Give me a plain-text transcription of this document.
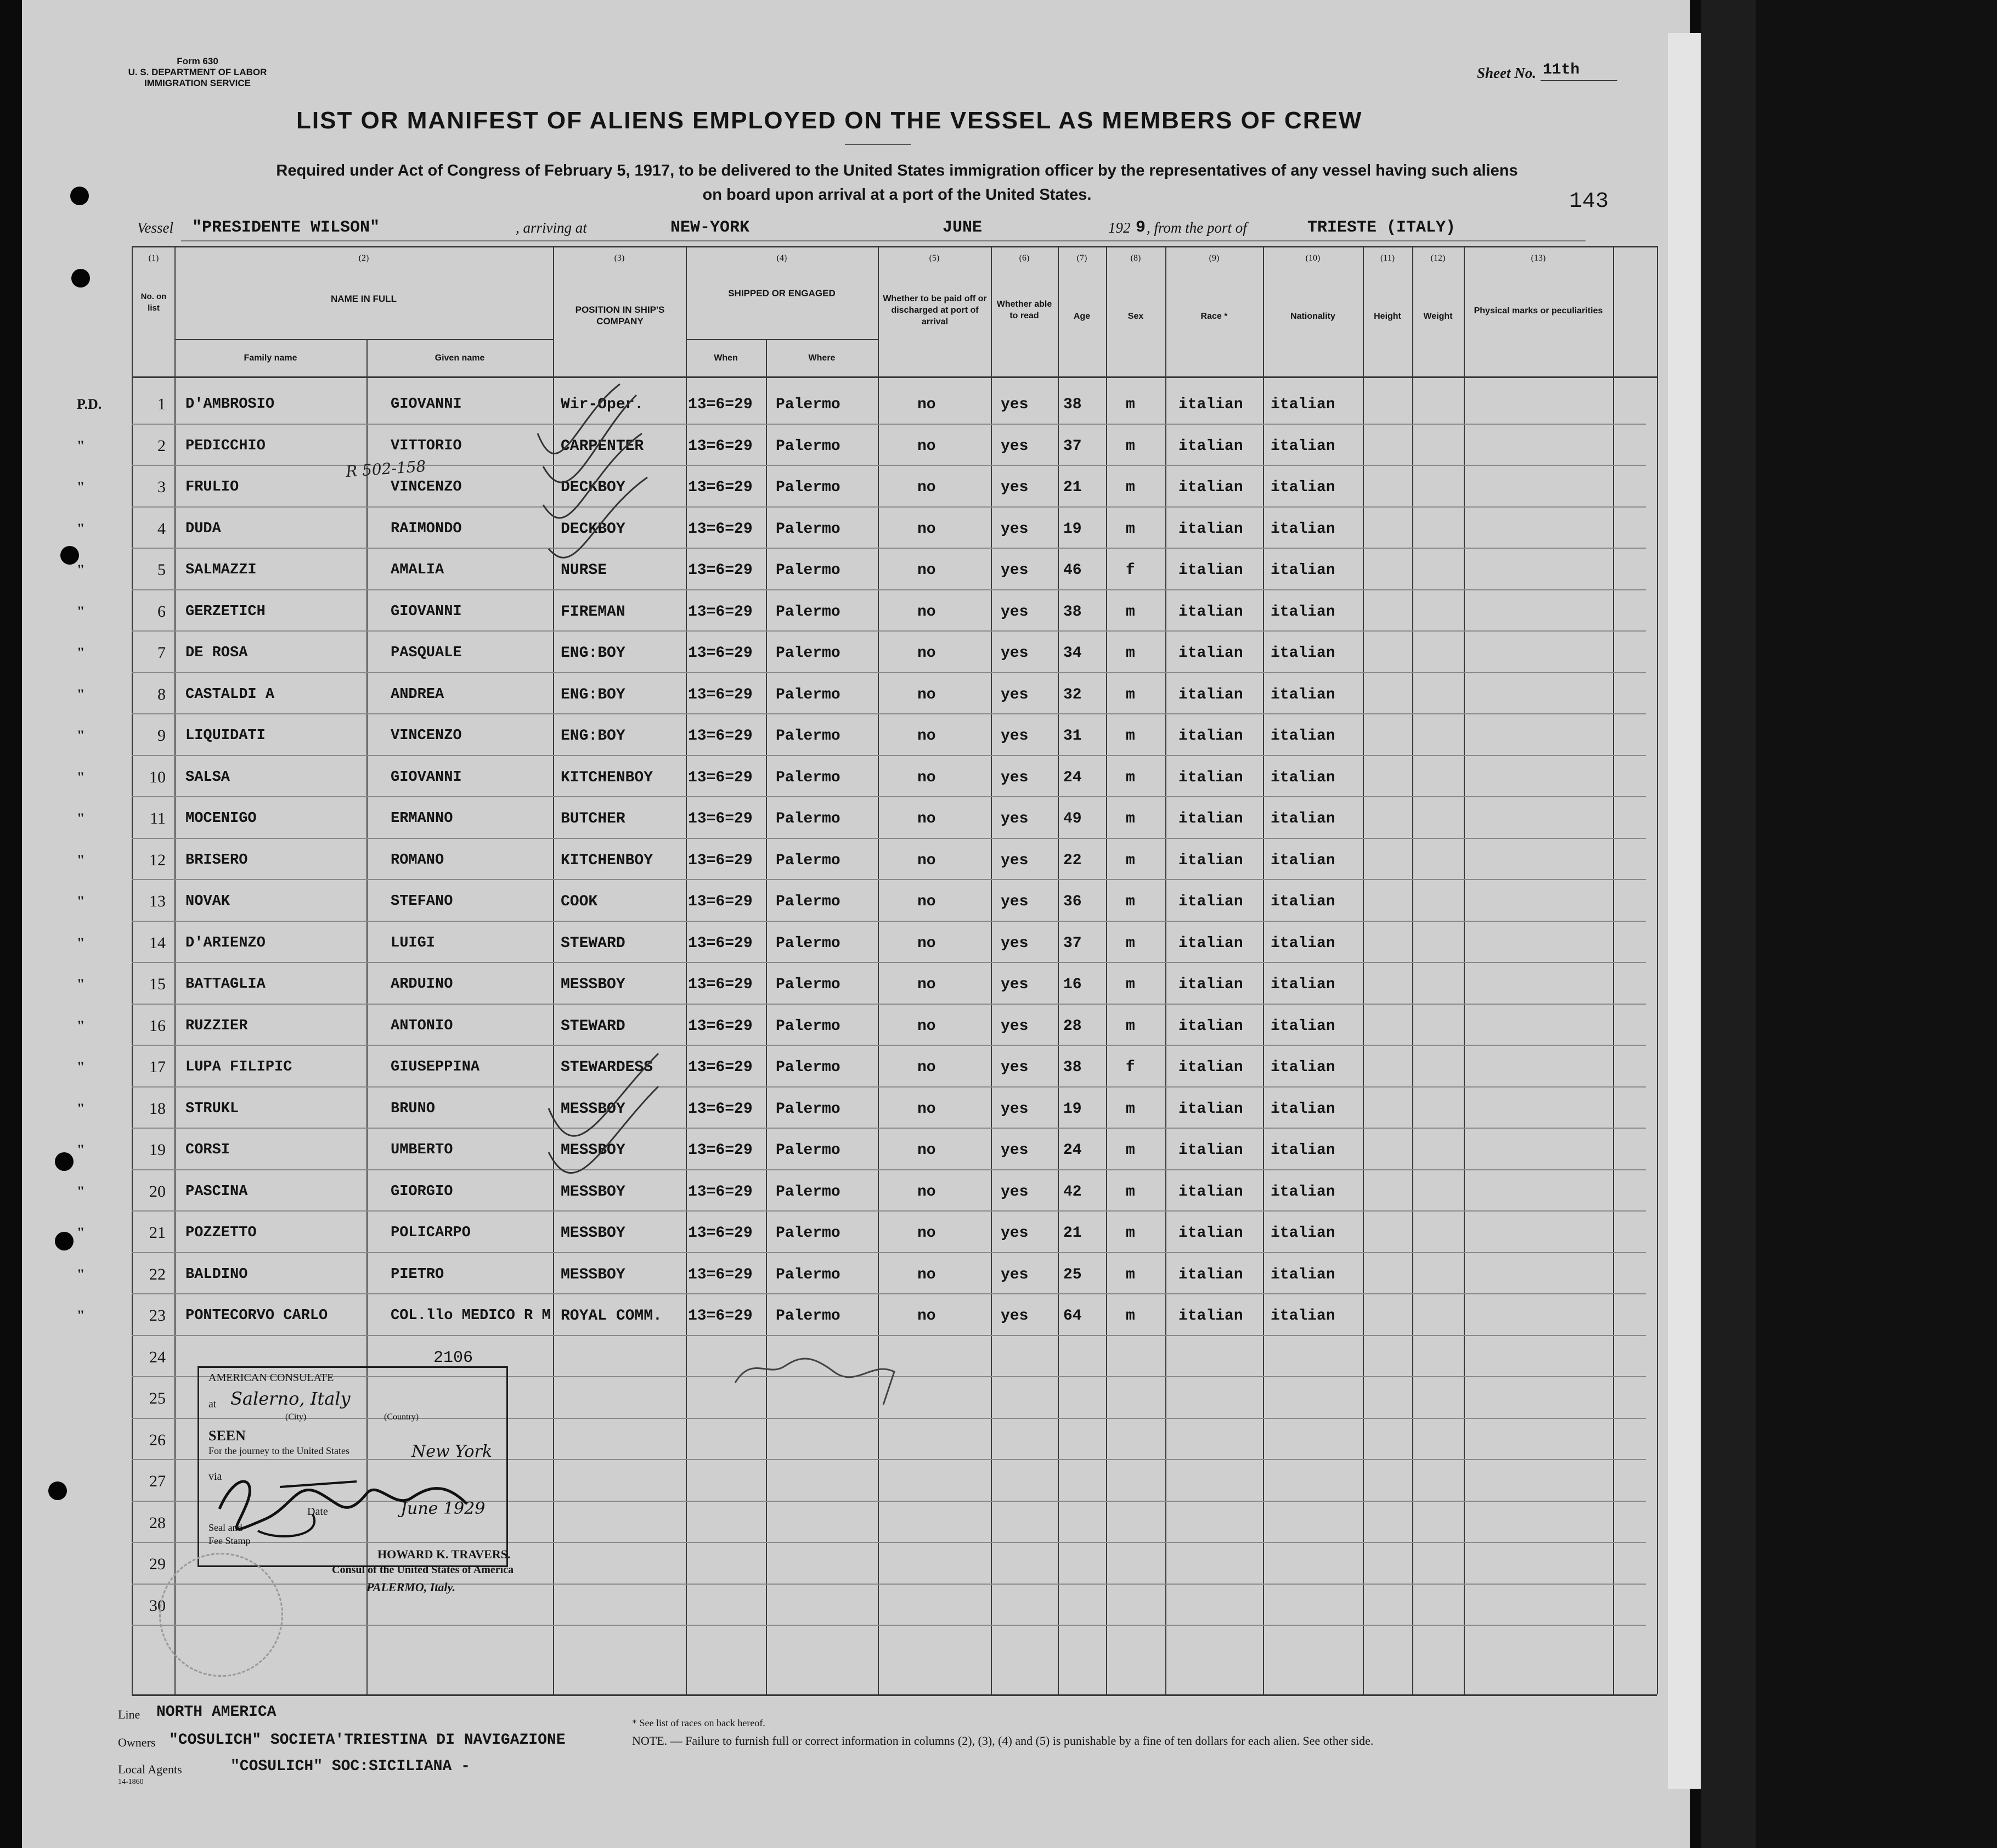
Form 630
U. S. DEPARTMENT OF LABOR
IMMIGRATION SERVICE
Sheet No. 11th
LIST OR MANIFEST OF ALIENS EMPLOYED ON THE VESSEL AS MEMBERS OF CREW
Required under Act of Congress of February 5, 1917, to be delivered to the United States immigration officer by the representatives of any vessel having such aliens
on board upon arrival at a port of the United States.	143
Vessel "PRESIDENTE WILSON"	, arriving at	NEW-YORK	JUNE	192 9 , from the port of	TRIESTE (ITALY)
(1)	(2)	(3)	(4)	(5)	(6)	(7)	(8)	(9)	(10)	(11)	(12)	(13)
No. on list
NAME IN FULL
Family name	Given name
POSITION IN SHIP'S COMPANY
SHIPPED OR ENGAGED
When	Where
Whether to be paid off or discharged at port of arrival
Whether able to read	Age	Sex	Race *	Nationality	Height	Weight
Physical marks or peculiarities
P.D.	1 D'AMBROSIO	GIOVANNI	Wir-Oper.	13=6=29 Palermo	no	yes 38	m	italian italian
"	2 PEDICCHIO	VITTORIO	CARPENTER	13=6=29 Palermo	no	yes 37	m	italian italian
"	3 FRULIO	VINCENZO	DECKBOY	13=6=29 Palermo	no	yes 21	m	italian italian
"	4 DUDA	RAIMONDO	DECKBOY	13=6=29 Palermo	no	yes 19	m	italian italian
"	5 SALMAZZI	AMALIA	NURSE	13=6=29 Palermo	no	yes 46	f	italian italian
"	6 GERZETICH	GIOVANNI	FIREMAN	13=6=29 Palermo	no	yes 38	m	italian italian
"	7 DE ROSA	PASQUALE	ENG:BOY	13=6=29 Palermo	no	yes 34	m	italian italian
"	8 CASTALDI A	ANDREA	ENG:BOY	13=6=29 Palermo	no	yes 32	m	italian italian
"	9 LIQUIDATI	VINCENZO	ENG:BOY	13=6=29 Palermo	no	yes 31	m	italian italian
"	10 SALSA	GIOVANNI	KITCHENBOY 13=6=29 Palermo	no	yes 24	m	italian italian
"	11 MOCENIGO	ERMANNO	BUTCHER	13=6=29 Palermo	no	yes 49	m	italian italian
"	12 BRISERO	ROMANO	KITCHENBOY 13=6=29 Palermo	no	yes 22	m	italian italian
"	13 NOVAK	STEFANO	COOK	13=6=29 Palermo	no	yes 36	m	italian italian
"	14 D'ARIENZO	LUIGI	STEWARD	13=6=29 Palermo	no	yes 37	m	italian italian
"	15 BATTAGLIA	ARDUINO	MESSBOY	13=6=29 Palermo	no	yes 16	m	italian italian
"	16 RUZZIER	ANTONIO	STEWARD	13=6=29 Palermo	no	yes 28	m	italian italian
"	17 LUPA FILIPIC	GIUSEPPINA	STEWARDESS 13=6=29 Palermo	no	yes 38	f	italian italian
"	18 STRUKL	BRUNO	MESSBOY	13=6=29 Palermo	no	yes 19	m	italian italian
"	19 CORSI	UMBERTO	MESSBOY	13=6=29 Palermo	no	yes 24	m	italian italian
"	20 PASCINA	GIORGIO	MESSBOY	13=6=29 Palermo	no	yes 42	m	italian italian
"	21 POZZETTO	POLICARPO	MESSBOY	13=6=29 Palermo	no	yes 21	m	italian italian
"	22 BALDINO	PIETRO	MESSBOY	13=6=29 Palermo	no	yes 25	m	italian italian
"	23 PONTECORVO CARLO	COL.llo MEDICO R M ROYAL COMM. 13=6=29 Palermo	no	yes 64	m	italian italian
24
25
26
27
28
29
30
R 502-158
2106
AMERICAN CONSULATE
at Salerno, Italy
(City)	(Country)
SEEN
For the journey to the United States	New York
via
Date	June 1929
Seal and
Fee Stamp
HOWARD K. TRAVERS.
Consul of the United States of America
PALERMO, Italy.
Line NORTH AMERICA
Owners "COSULICH" SOCIETA'TRIESTINA DI NAVIGAZIONE
Local Agents	"COSULICH" SOC:SICILIANA -
14-1860
* See list of races on back hereof.
NOTE. — Failure to furnish full or correct information in columns (2), (3), (4) and (5) is punishable by a fine of ten dollars for each alien. See other side.
